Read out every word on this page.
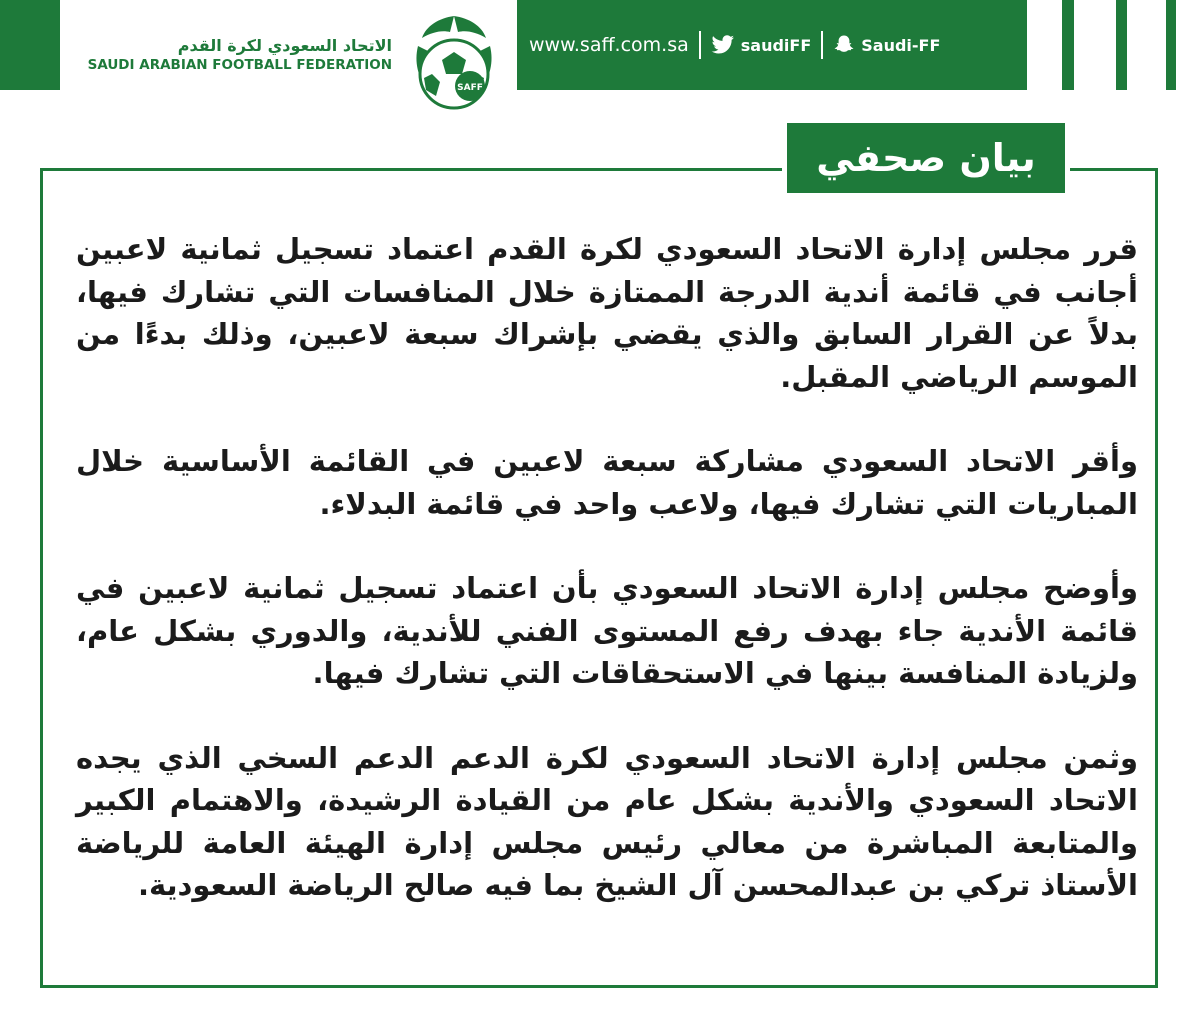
الاتحاد السعودي لكرة القدم
SAUDI ARABIAN FOOTBALL FEDERATION
SAFF
www.saff.com.sa	saudiFF	Saudi-FF
بيان صحفي

قرر مجلس إدارة الاتحاد السعودي لكرة القدم اعتماد تسجيل ثمانية لاعبين أجانب في قائمة أندية الدرجة الممتازة خلال المنافسات التي تشارك فيها، بدلاً عن القرار السابق والذي يقضي بإشراك سبعة لاعبين، وذلك بدءًا من الموسم الرياضي المقبل.

وأقر الاتحاد السعودي مشاركة سبعة لاعبين في القائمة الأساسية خلال المباريات التي تشارك فيها، ولاعب واحد في قائمة البدلاء.

وأوضح مجلس إدارة الاتحاد السعودي بأن اعتماد تسجيل ثمانية لاعبين في قائمة الأندية جاء بهدف رفع المستوى الفني للأندية، والدوري بشكل عام، ولزيادة المنافسة بينها في الاستحقاقات التي تشارك فيها.

وثمن مجلس إدارة الاتحاد السعودي لكرة الدعم الدعم السخي الذي يجده الاتحاد السعودي والأندية بشكل عام من القيادة الرشيدة، والاهتمام الكبير والمتابعة المباشرة من معالي رئيس مجلس إدارة الهيئة العامة للرياضة الأستاذ تركي بن عبدالمحسن آل الشيخ بما فيه صالح الرياضة السعودية.
